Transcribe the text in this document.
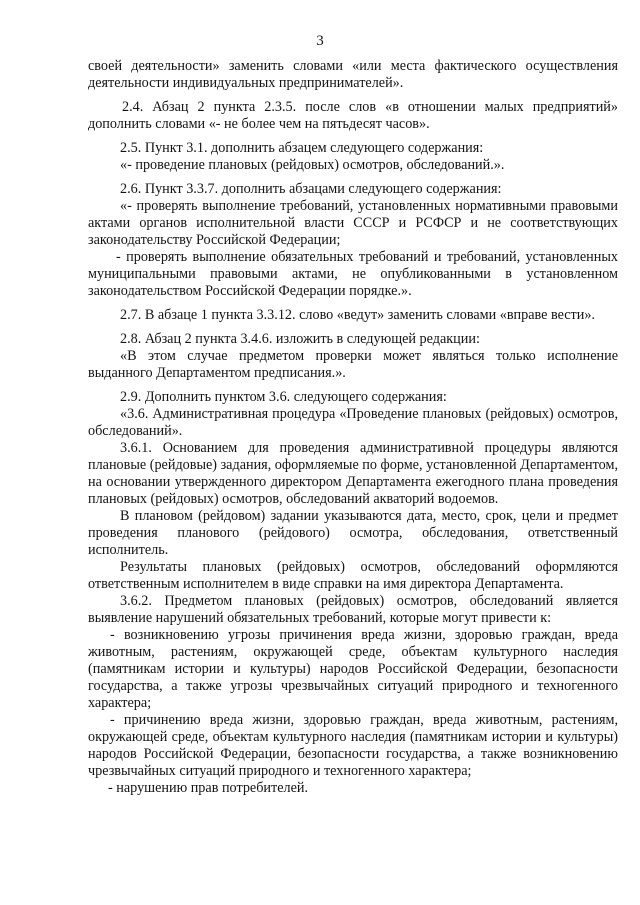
3

своей деятельности» заменить словами «или места фактического осуществления деятельности индивидуальных предпринимателей».

2.4. Абзац 2 пункта 2.3.5. после слов «в отношении малых предприятий» дополнить словами «- не более чем на пятьдесят часов».

2.5. Пункт 3.1. дополнить абзацем следующего содержания:

«- проведение плановых (рейдовых) осмотров, обследований.».

2.6. Пункт 3.3.7. дополнить абзацами следующего содержания:

«- проверять выполнение требований, установленных нормативными правовыми актами органов исполнительной власти СССР и РСФСР и не соответствующих законодательству Российской Федерации;

- проверять выполнение обязательных требований и требований, установленных муниципальными правовыми актами, не опубликованными в установленном законодательством Российской Федерации порядке.».

2.7. В абзаце 1 пункта 3.3.12. слово «ведут» заменить словами «вправе вести».

2.8. Абзац 2 пункта 3.4.6. изложить в следующей редакции:

«В этом случае предметом проверки может являться только исполнение выданного Департаментом предписания.».

2.9. Дополнить пунктом 3.6. следующего содержания:

«3.6. Административная процедура «Проведение плановых (рейдовых) осмотров, обследований».

3.6.1. Основанием для проведения административной процедуры являются плановые (рейдовые) задания, оформляемые по форме, установленной Департаментом, на основании утвержденного директором Департамента ежегодного плана проведения плановых (рейдовых) осмотров, обследований акваторий водоемов.

В плановом (рейдовом) задании указываются дата, место, срок, цели и предмет проведения планового (рейдового) осмотра, обследования, ответственный исполнитель.

Результаты плановых (рейдовых) осмотров, обследований оформляются ответственным исполнителем в виде справки на имя директора Департамента.

3.6.2. Предметом плановых (рейдовых) осмотров, обследований является выявление нарушений обязательных требований, которые могут привести к:

- возникновению угрозы причинения вреда жизни, здоровью граждан, вреда животным, растениям, окружающей среде, объектам культурного наследия (памятникам истории и культуры) народов Российской Федерации, безопасности государства, а также угрозы чрезвычайных ситуаций природного и техногенного характера;

- причинению вреда жизни, здоровью граждан, вреда животным, растениям, окружающей среде, объектам культурного наследия (памятникам истории и культуры) народов Российской Федерации, безопасности государства, а также возникновению чрезвычайных ситуаций природного и техногенного характера;

- нарушению прав потребителей.
